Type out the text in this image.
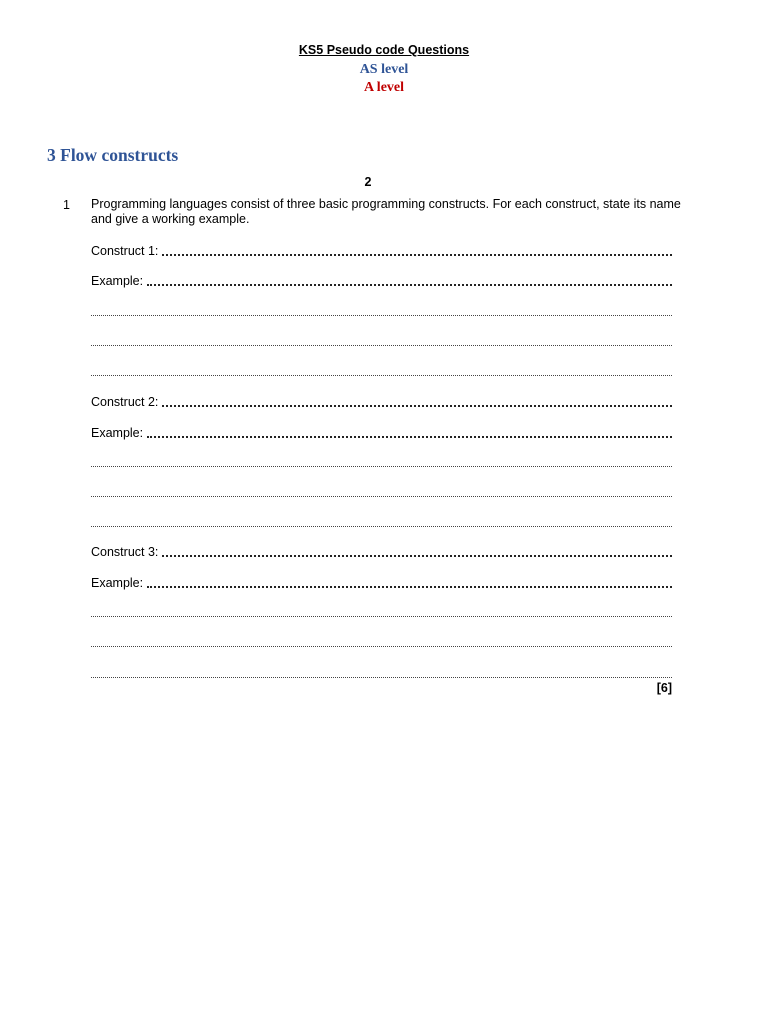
KS5 Pseudo code Questions
AS level
A level
3 Flow constructs
2
1 Programming languages consist of three basic programming constructs. For each construct, state its name and give a working example.
Construct 1:
Example:
Construct 2:
Example:
Construct 3:
Example:
[6]
